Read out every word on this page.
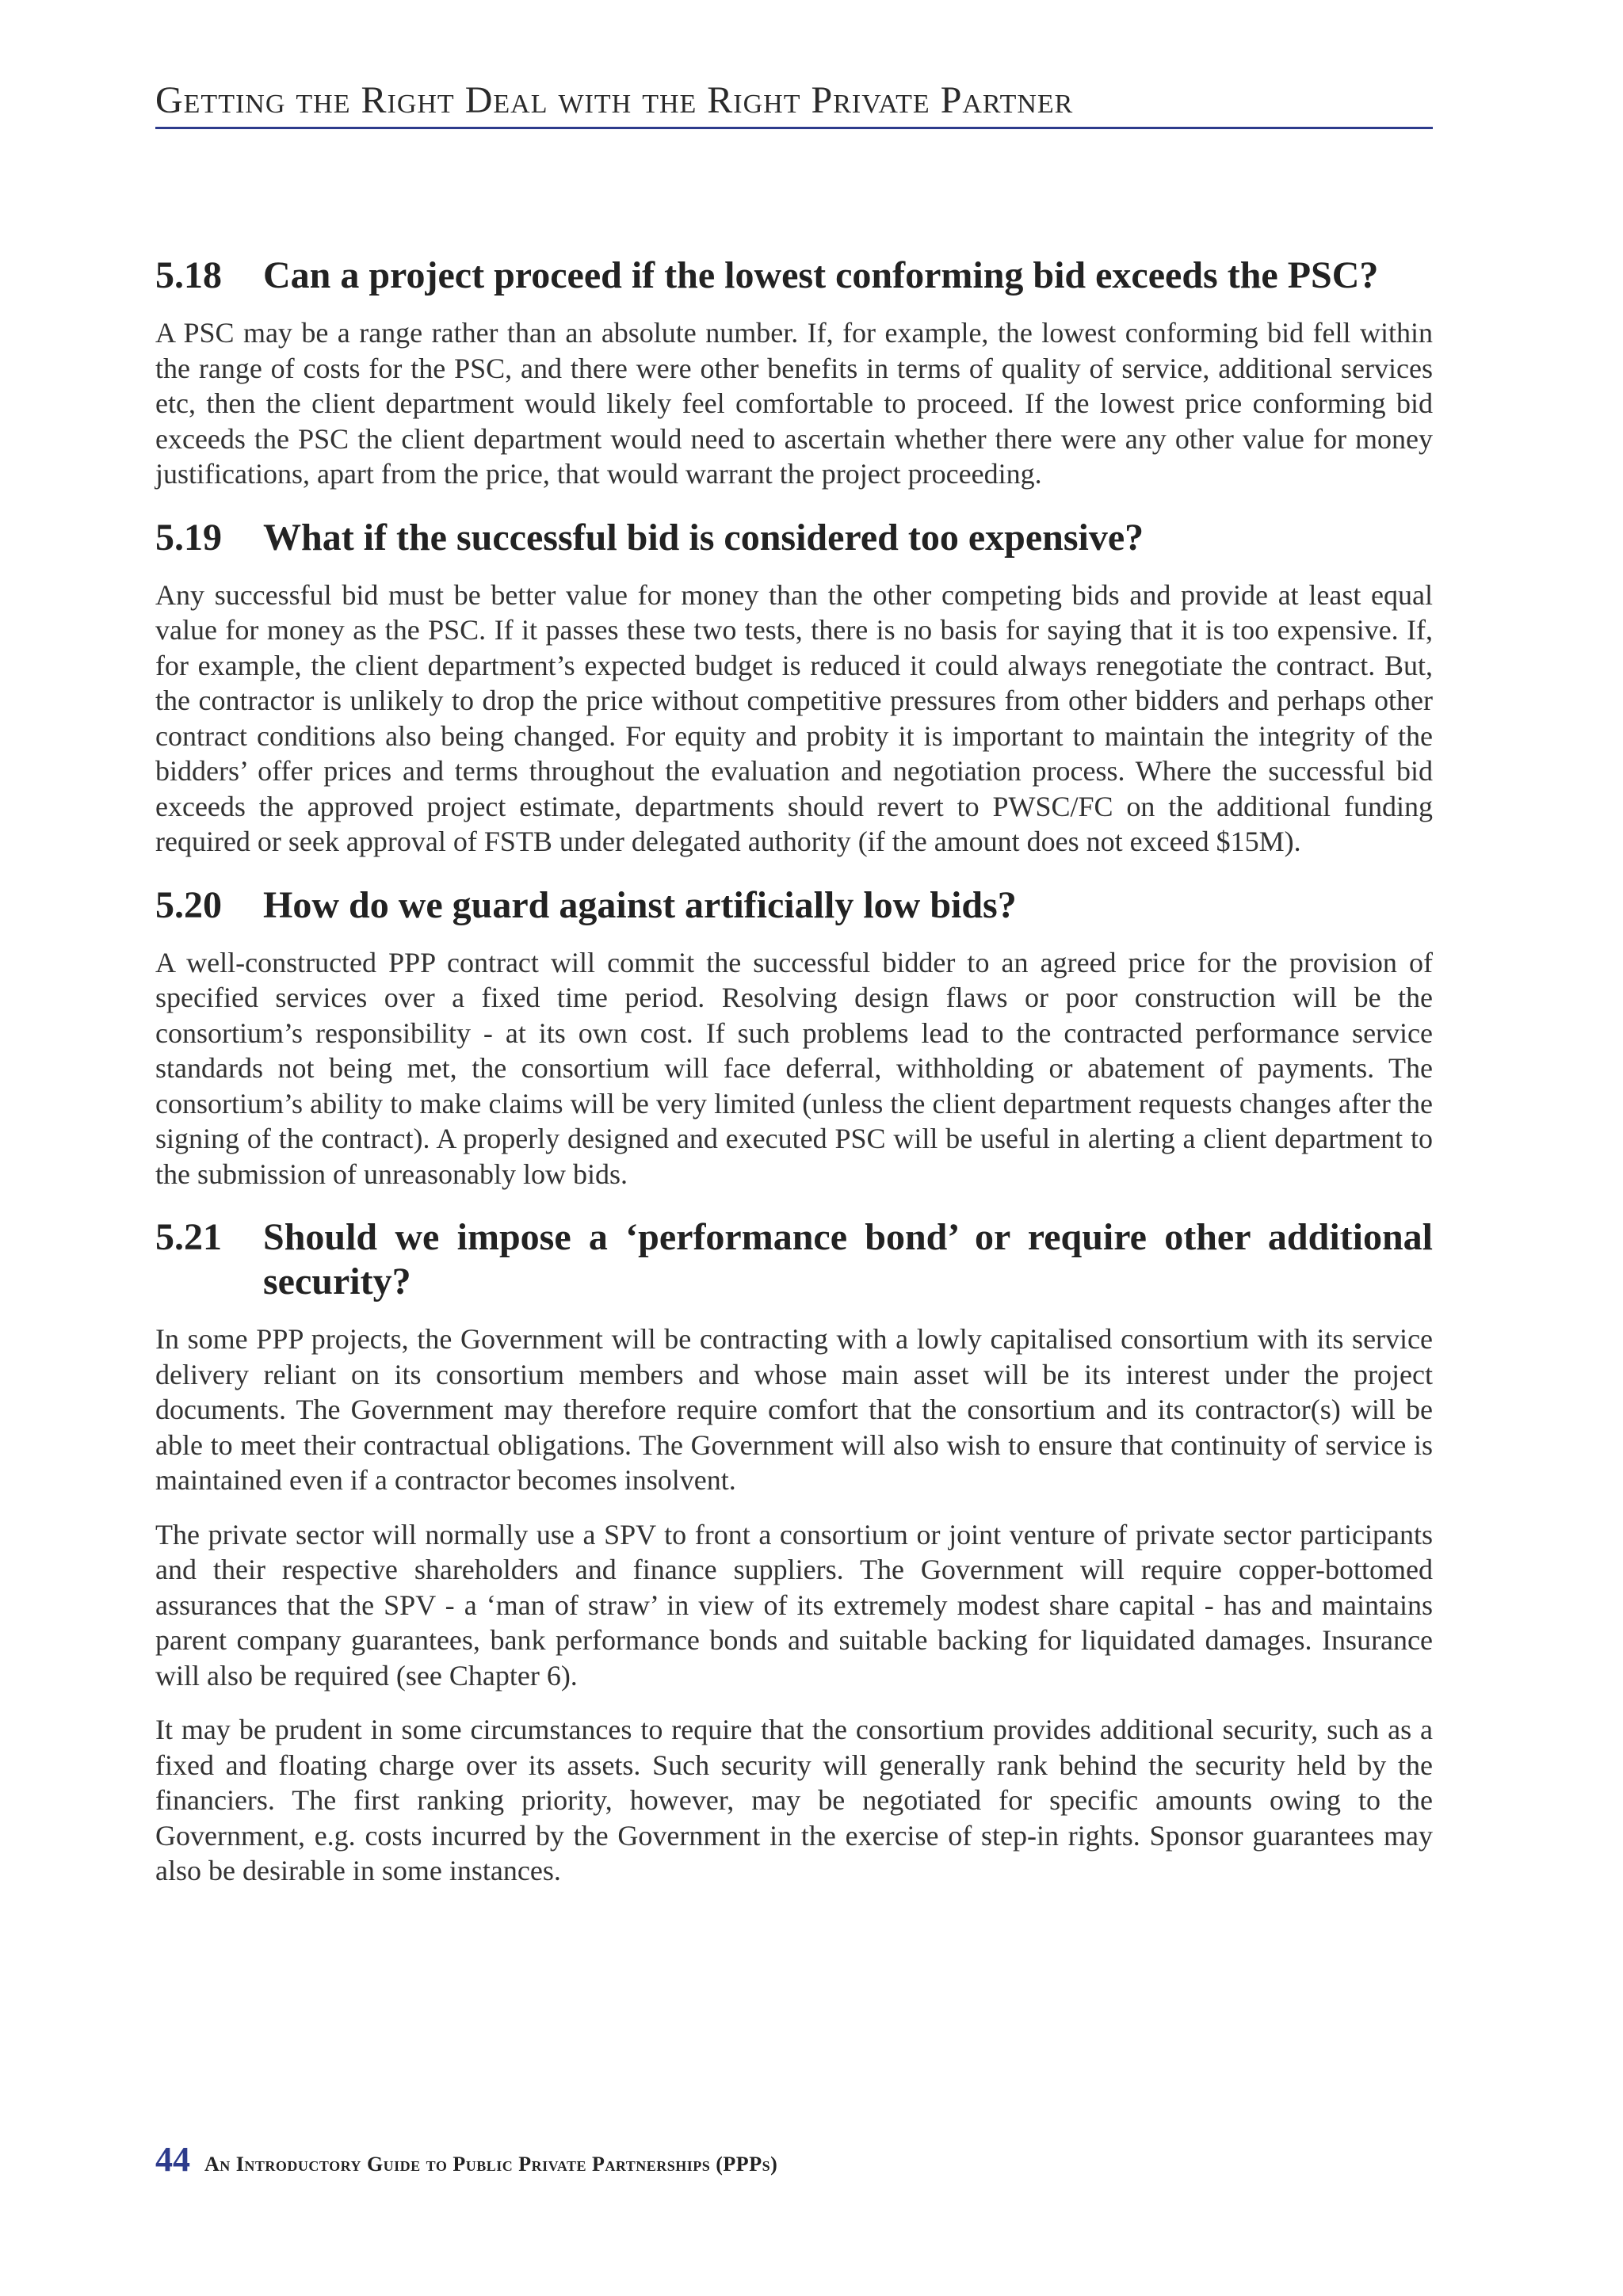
Getting the Right Deal with the Right Private Partner
5.18	Can a project proceed if the lowest conforming bid exceeds the PSC?

A PSC may be a range rather than an absolute number. If, for example, the lowest conforming bid fell within the range of costs for the PSC, and there were other benefits in terms of quality of service, additional services etc, then the client department would likely feel comfortable to proceed. If the lowest price conforming bid exceeds the PSC the client department would need to ascertain whether there were any other value for money justifications, apart from the price, that would warrant the project proceeding.

5.19	What if the successful bid is considered too expensive?

Any successful bid must be better value for money than the other competing bids and provide at least equal value for money as the PSC. If it passes these two tests, there is no basis for saying that it is too expensive. If, for example, the client department’s expected budget is reduced it could always renegotiate the contract. But, the contractor is unlikely to drop the price without competitive pressures from other bidders and perhaps other contract conditions also being changed. For equity and probity it is important to maintain the integrity of the bidders’ offer prices and terms throughout the evaluation and negotiation process. Where the successful bid exceeds the approved project estimate, departments should revert to PWSC/FC on the additional funding required or seek approval of FSTB under delegated authority (if the amount does not exceed $15M).

5.20	How do we guard against artificially low bids?

A well-constructed PPP contract will commit the successful bidder to an agreed price for the provision of specified services over a fixed time period. Resolving design flaws or poor construction will be the consortium’s responsibility - at its own cost. If such problems lead to the contracted performance service standards not being met, the consortium will face deferral, withholding or abatement of payments. The consortium’s ability to make claims will be very limited (unless the client department requests changes after the signing of the contract). A properly designed and executed PSC will be useful in alerting a client department to the submission of unreasonably low bids.

5.21	Should we impose a ‘performance bond’ or require other additional security?

In some PPP projects, the Government will be contracting with a lowly capitalised consortium with its service delivery reliant on its consortium members and whose main asset will be its interest under the project documents. The Government may therefore require comfort that the consortium and its contractor(s) will be able to meet their contractual obligations. The Government will also wish to ensure that continuity of service is maintained even if a contractor becomes insolvent.

The private sector will normally use a SPV to front a consortium or joint venture of private sector participants and their respective shareholders and finance suppliers. The Government will require copper-bottomed assurances that the SPV - a ‘man of straw’ in view of its extremely modest share capital - has and maintains parent company guarantees, bank performance bonds and suitable backing for liquidated damages. Insurance will also be required (see Chapter 6).

It may be prudent in some circumstances to require that the consortium provides additional security, such as a fixed and floating charge over its assets. Such security will generally rank behind the security held by the financiers. The first ranking priority, however, may be negotiated for specific amounts owing to the Government, e.g. costs incurred by the Government in the exercise of step-in rights. Sponsor guarantees may also be desirable in some instances.

44 An Introductory Guide to Public Private Partnerships (PPPs)
